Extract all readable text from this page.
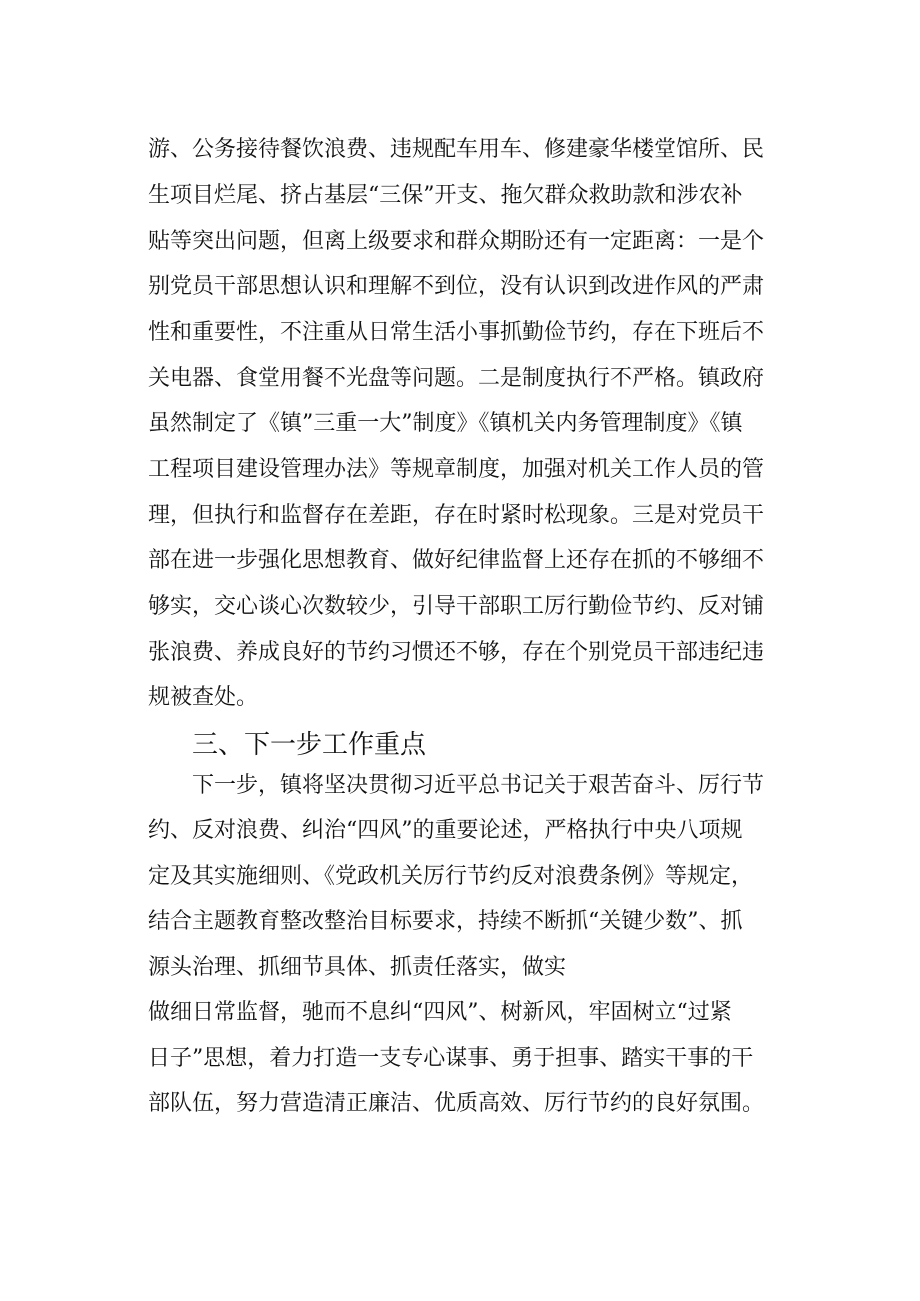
游、公务接待餐饮浪费、违规配车用车、修建豪华楼堂馆所、民
生项目烂尾、挤占基层“三保”开支、拖欠群众救助款和涉农补
贴等突出问题，但离上级要求和群众期盼还有一定距离：一是个
别党员干部思想认识和理解不到位，没有认识到改进作风的严肃
性和重要性，不注重从日常生活小事抓勤俭节约，存在下班后不
关电器、食堂用餐不光盘等问题。二是制度执行不严格。镇政府
虽然制定了《镇”三重一大”制度》《镇机关内务管理制度》《镇
工程项目建设管理办法》等规章制度，加强对机关工作人员的管
理，但执行和监督存在差距，存在时紧时松现象。三是对党员干
部在进一步强化思想教育、做好纪律监督上还存在抓的不够细不
够实，交心谈心次数较少，引导干部职工厉行勤俭节约、反对铺
张浪费、养成良好的节约习惯还不够，存在个别党员干部违纪违
规被查处。
三、下一步工作重点
下一步，镇将坚决贯彻习近平总书记关于艰苦奋斗、厉行节
约、反对浪费、纠治“四风”的重要论述，严格执行中央八项规
定及其实施细则、《党政机关厉行节约反对浪费条例》等规定，
结合主题教育整改整治目标要求，持续不断抓“关键少数”、抓
源头治理、抓细节具体、抓责任落实，做实
做细日常监督，驰而不息纠“四风”、树新风，牢固树立“过紧
日子”思想，着力打造一支专心谋事、勇于担事、踏实干事的干
部队伍，努力营造清正廉洁、优质高效、厉行节约的良好氛围。
